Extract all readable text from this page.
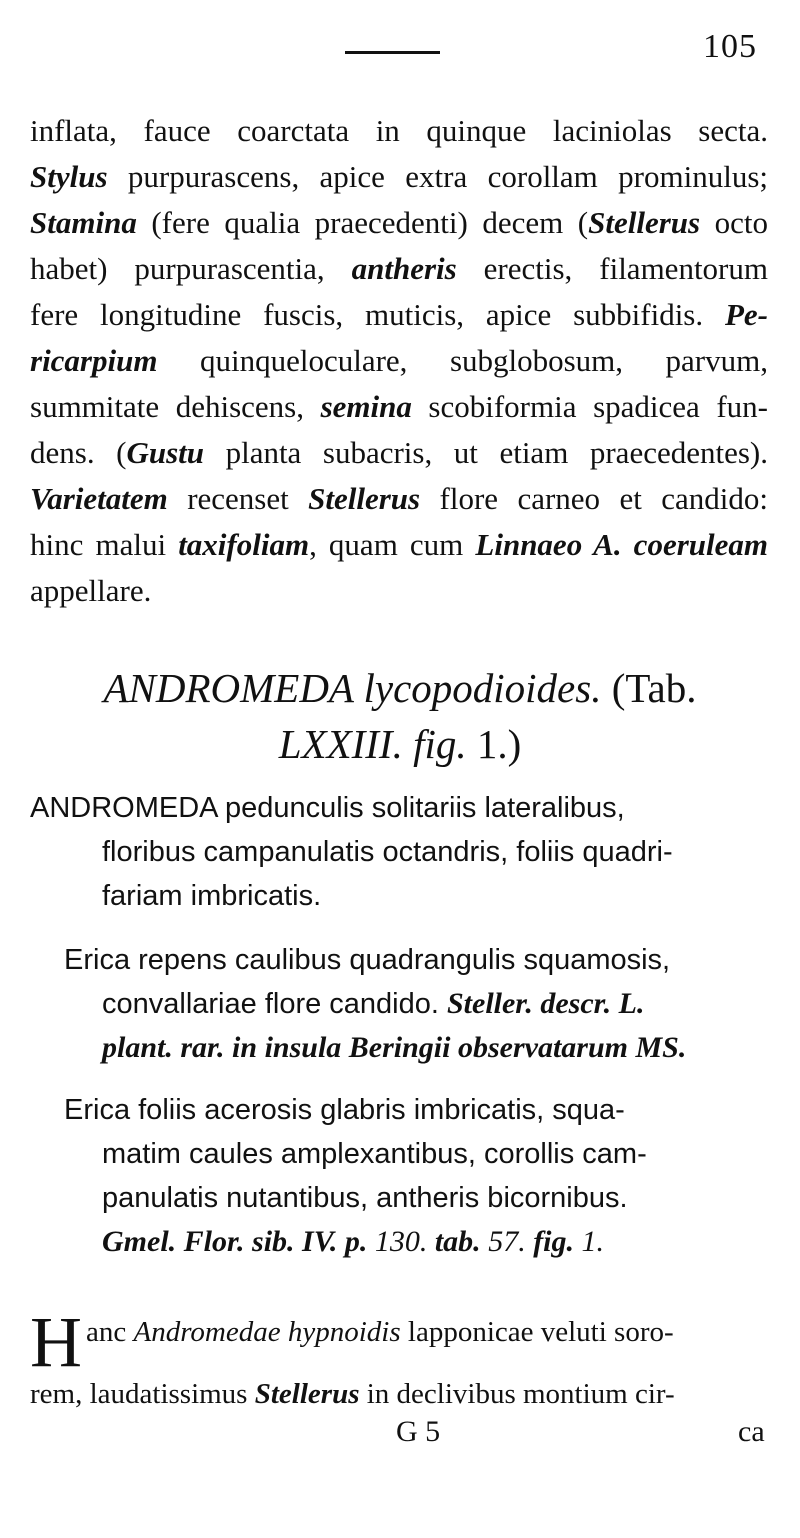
105
inflata, fauce coarctata in quinque laciniolas secta.
Stylus purpurascens, apice extra corollam prominulus;
Stamina (fere qualia praecedenti) decem (Stellerus octo
habet) purpurascentia, antheris erectis, filamentorum
fere longitudine fuscis, muticis, apice subbifidis. Pe-
ricarpium quinqueloculare, subglobosum, parvum,
summitate dehiscens, semina scobiformia spadicea fun-
dens. (Gustu planta subacris, ut etiam praecedentes).
Varietatem recenset Stellerus flore carneo et candido:
hinc malui taxifoliam, quam cum Linnaeo A. coeruleam
appellare.
ANDROMEDA lycopodioides. (Tab.
LXXIII. fig. 1.)
ANDROMEDA pedunculis solitariis lateralibus,
floribus campanulatis octandris, foliis quadri-
fariam imbricatis.
Erica repens caulibus quadrangulis squamosis,
convallariae flore candido. Steller. descr. L.
plant. rar. in insula Beringii observatarum MS.
Erica foliis acerosis glabris imbricatis, squa-
matim caules amplexantibus, corollis cam-
panulatis nutantibus, antheris bicornibus.
Gmel. Flor. sib. IV. p. 130. tab. 57. fig. 1.
H anc Andromedae hypnoidis lapponicae veluti soro-
rem, laudatissimus Stellerus in declivibus montium cir-
G 5	ca
